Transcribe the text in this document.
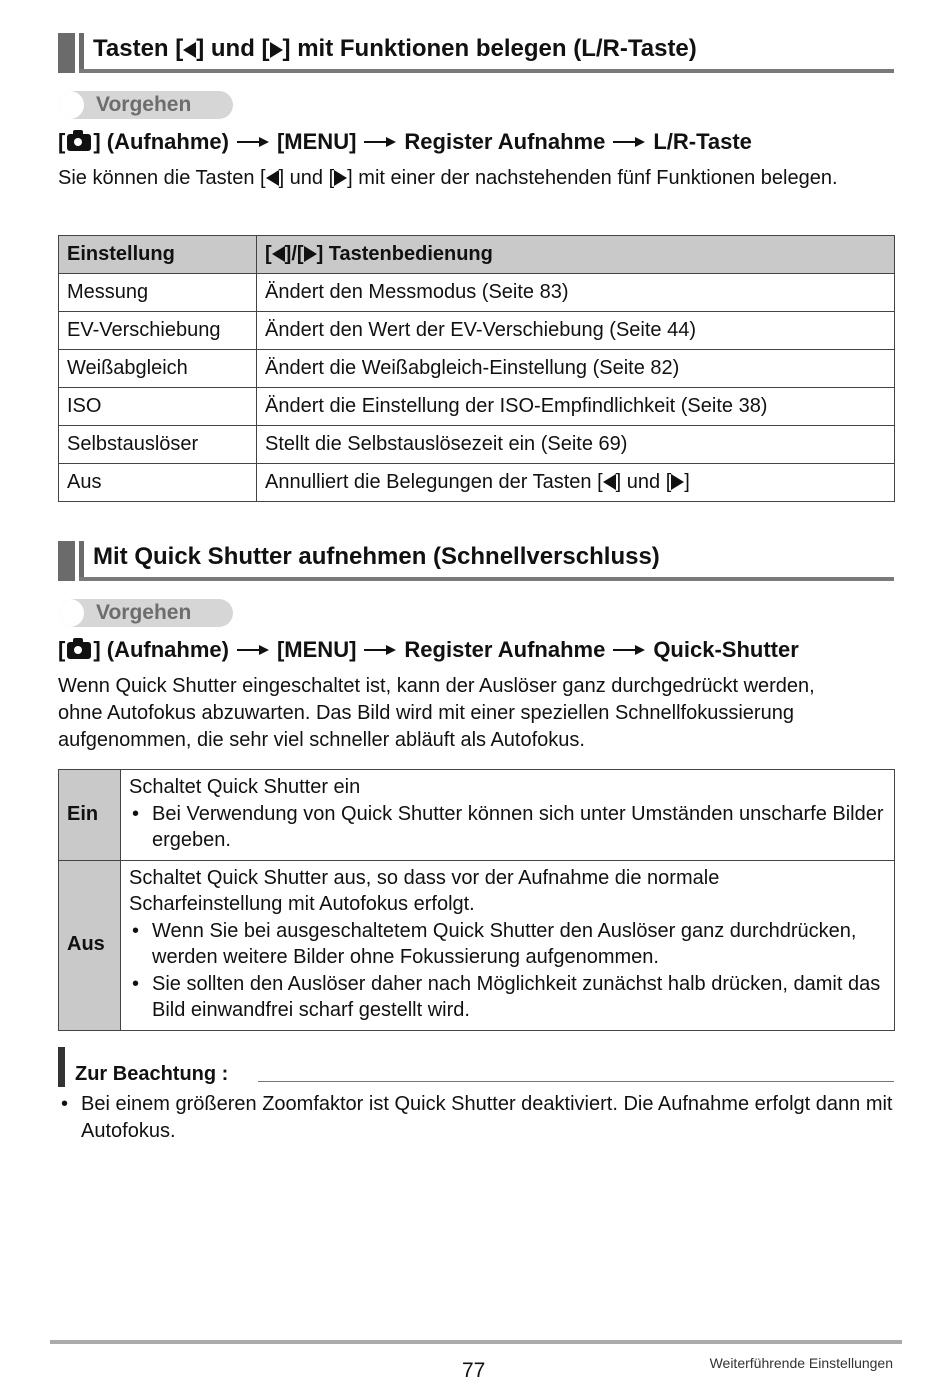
Tasten [ ] und [ ] mit Funktionen belegen (L/R-Taste)
Vorgehen
[ ] (Aufnahme) [MENU] Register Aufnahme L/R-Taste
Sie können die Tasten [ ] und [ ] mit einer der nachstehenden fünf Funktionen belegen.
Einstellung	[ ]/[ ] Tastenbedienung
Messung	Ändert den Messmodus (Seite 83)
EV-Verschiebung	Ändert den Wert der EV-Verschiebung (Seite 44)
Weißabgleich	Ändert die Weißabgleich-Einstellung (Seite 82)
ISO	Ändert die Einstellung der ISO-Empfindlichkeit (Seite 38)
Selbstauslöser	Stellt die Selbstauslösezeit ein (Seite 69)
Aus	Annulliert die Belegungen der Tasten [ ] und [ ]
Mit Quick Shutter aufnehmen (Schnellverschluss)
Vorgehen
[ ] (Aufnahme) [MENU] Register Aufnahme Quick-Shutter
Wenn Quick Shutter eingeschaltet ist, kann der Auslöser ganz durchgedrückt werden, ohne Autofokus abzuwarten. Das Bild wird mit einer speziellen Schnellfokussierung aufgenommen, die sehr viel schneller abläuft als Autofokus.
Ein	Schaltet Quick Shutter ein
• Bei Verwendung von Quick Shutter können sich unter Umständen unscharfe Bilder ergeben.

Aus	Schaltet Quick Shutter aus, so dass vor der Aufnahme die normale Scharfeinstellung mit Autofokus erfolgt.
• Wenn Sie bei ausgeschaltetem Quick Shutter den Auslöser ganz durchdrücken, werden weitere Bilder ohne Fokussierung aufgenommen.
• Sie sollten den Auslöser daher nach Möglichkeit zunächst halb drücken, damit das Bild einwandfrei scharf gestellt wird.
Zur Beachtung :
• Bei einem größeren Zoomfaktor ist Quick Shutter deaktiviert. Die Aufnahme erfolgt dann mit Autofokus.
77	Weiterführende Einstellungen
